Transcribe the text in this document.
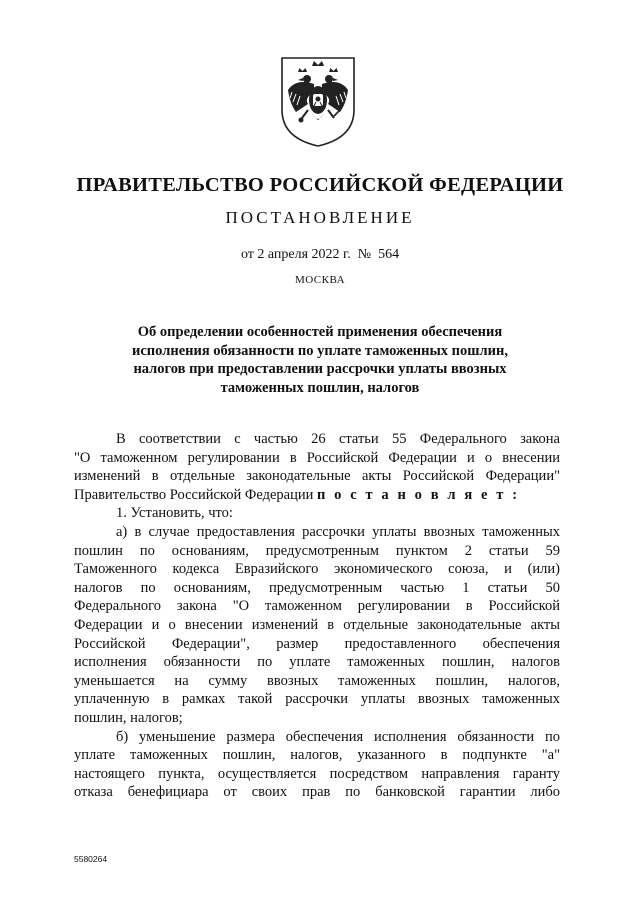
ПРАВИТЕЛЬСТВО РОССИЙСКОЙ ФЕДЕРАЦИИ
ПОСТАНОВЛЕНИЕ
от 2 апреля 2022 г. № 564
МОСКВА
Об определении особенностей применения обеспечения
исполнения обязанности по уплате таможенных пошлин,
налогов при предоставлении рассрочки уплаты ввозных
таможенных пошлин, налогов
В соответствии с частью 26 статьи 55 Федерального закона
"О таможенном регулировании в Российской Федерации и о внесении
изменений в отдельные законодательные акты Российской Федерации"
Правительство Российской Федерации п о с т а н о в л я е т :
1. Установить, что:
а) в случае предоставления рассрочки уплаты ввозных таможенных
пошлин по основаниям, предусмотренным пунктом 2 статьи 59
Таможенного кодекса Евразийского экономического союза, и (или)
налогов по основаниям, предусмотренным частью 1 статьи 50
Федерального закона "О таможенном регулировании в Российской
Федерации и о внесении изменений в отдельные законодательные акты
Российской Федерации", размер предоставленного обеспечения
исполнения обязанности по уплате таможенных пошлин, налогов
уменьшается на сумму ввозных таможенных пошлин, налогов,
уплаченную в рамках такой рассрочки уплаты ввозных таможенных
пошлин, налогов;
б) уменьшение размера обеспечения исполнения обязанности по
уплате таможенных пошлин, налогов, указанного в подпункте "а"
настоящего пункта, осуществляется посредством направления гаранту
отказа бенефициара от своих прав по банковской гарантии либо
5580264
